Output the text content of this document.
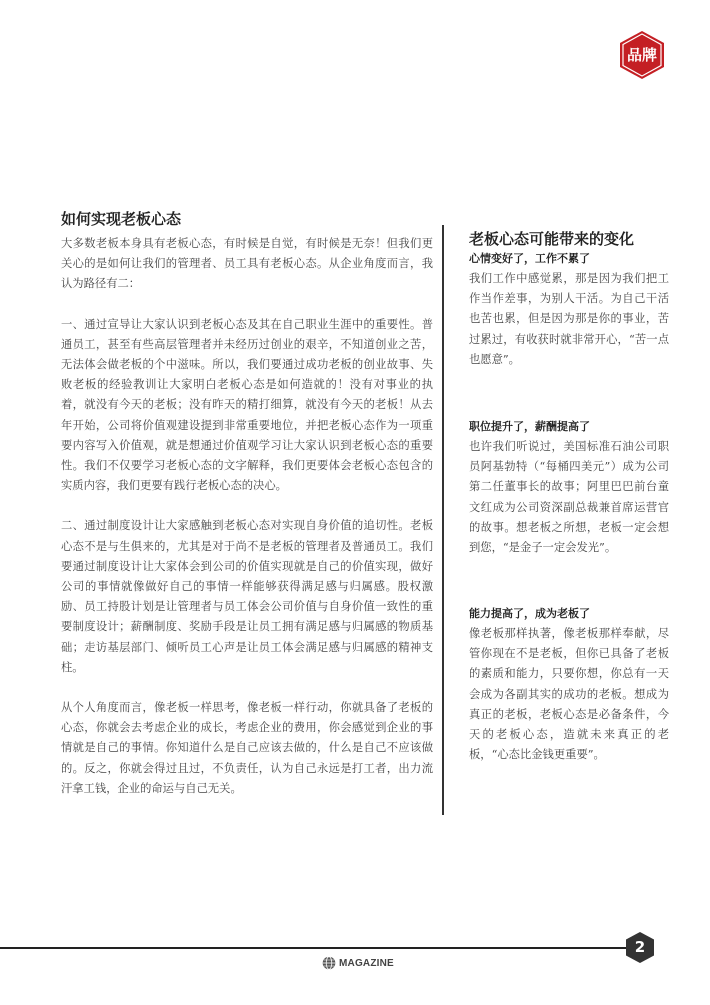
品牌
如何实现老板心态

大多数老板本身具有老板心态，有时候是自觉，有时候是无奈！但我们更关心的是如何让我们的管理者、员工具有老板心态。从企业角度而言，我认为路径有二：

一、通过宣导让大家认识到老板心态及其在自己职业生涯中的重要性。普通员工，甚至有些高层管理者并未经历过创业的艰辛，不知道创业之苦，无法体会做老板的个中滋味。所以，我们要通过成功老板的创业故事、失败老板的经验教训让大家明白老板心态是如何造就的！没有对事业的执着，就没有今天的老板；没有昨天的精打细算，就没有今天的老板！从去年开始，公司将价值观建设提到非常重要地位，并把老板心态作为一项重要内容写入价值观，就是想通过价值观学习让大家认识到老板心态的重要性。我们不仅要学习老板心态的文字解释，我们更要体会老板心态包含的实质内容，我们更要有践行老板心态的决心。

二、通过制度设计让大家感触到老板心态对实现自身价值的追切性。老板心态不是与生俱来的，尤其是对于尚不是老板的管理者及普通员工。我们要通过制度设计让大家体会到公司的价值实现就是自己的价值实现，做好公司的事情就像做好自己的事情一样能够获得满足感与归属感。股权激励、员工持股计划是让管理者与员工体会公司价值与自身价值一致性的重要制度设计；薪酬制度、奖励手段是让员工拥有满足感与归属感的物质基础；走访基层部门、倾听员工心声是让员工体会满足感与归属感的精神支柱。

从个人角度而言，像老板一样思考，像老板一样行动，你就具备了老板的心态，你就会去考虑企业的成长，考虑企业的费用，你会感觉到企业的事情就是自己的事情。你知道什么是自己应该去做的，什么是自己不应该做的。反之，你就会得过且过，不负责任，认为自己永远是打工者，出力流汗拿工钱，企业的命运与自己无关。

老板心态可能带来的变化
心情变好了，工作不累了

我们工作中感觉累，那是因为我们把工作当作差事，为别人干活。为自己干活也苦也累，但是因为那是你的事业，苦过累过，有收获时就非常开心，“苦一点也愿意”。

职位提升了，薪酬提高了

也许我们听说过，美国标准石油公司职员阿基勃特（“每桶四美元”）成为公司第二任董事长的故事；阿里巴巴前台童文红成为公司资深副总裁兼首席运营官的故事。想老板之所想，老板一定会想到您，“是金子一定会发光”。

能力提高了，成为老板了

像老板那样执著，像老板那样奉献，尽管你现在不是老板，但你已具备了老板的素质和能力，只要你想，你总有一天会成为各副其实的成功的老板。想成为真正的老板，老板心态是必备条件，今天的老板心态，造就未来真正的老板，“心态比金钱更重要”。

2
MAGAZINE
